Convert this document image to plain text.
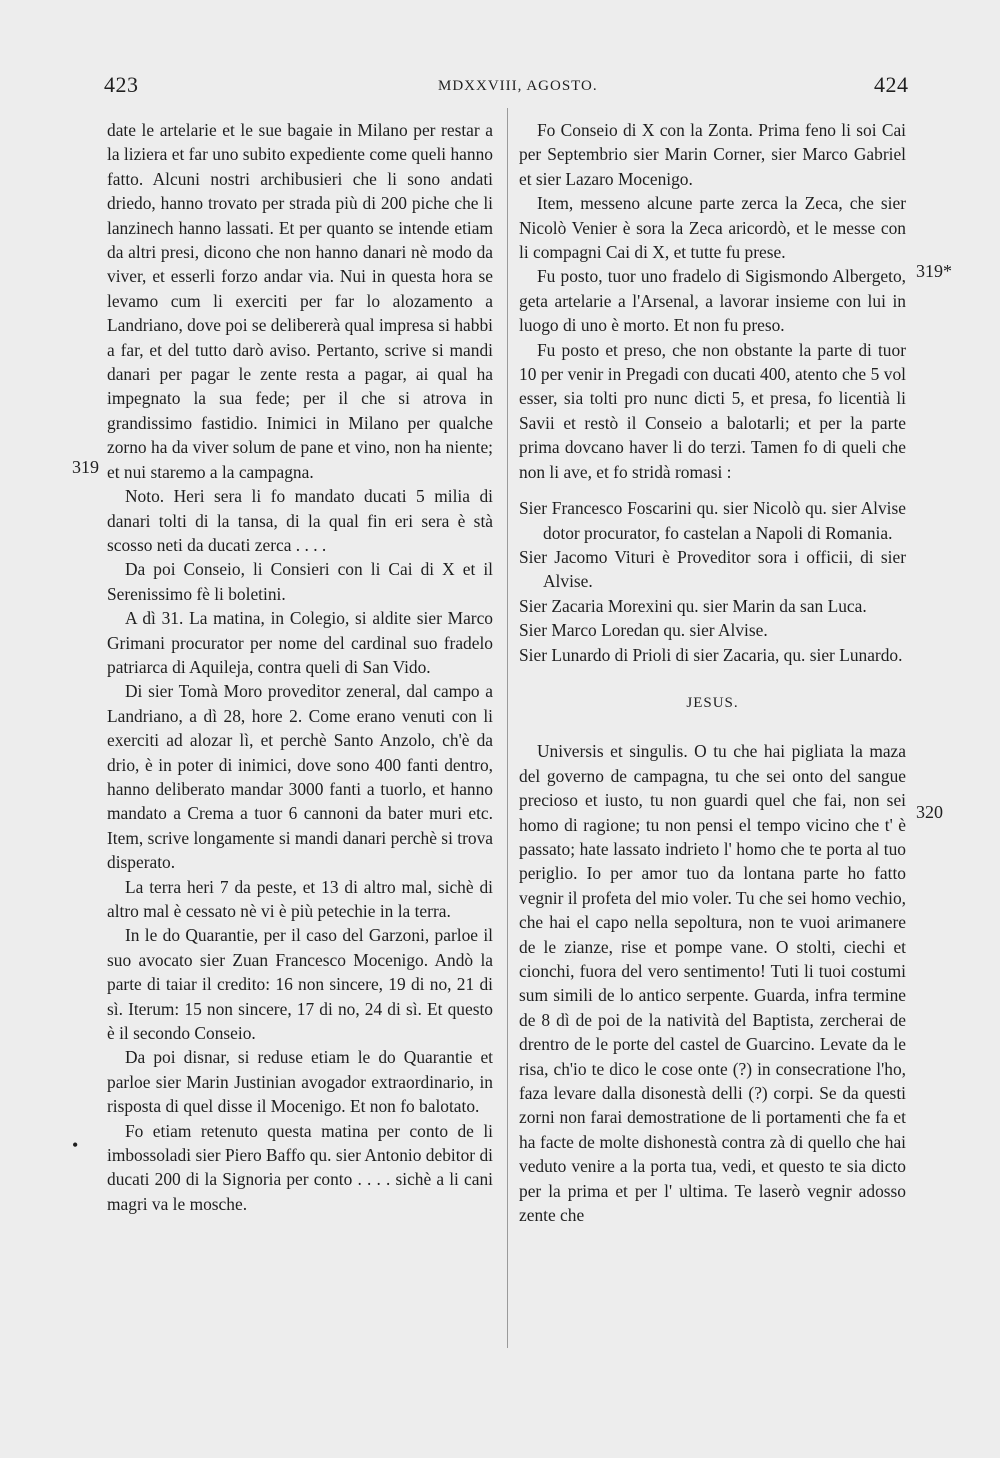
423	MDXXVIII, AGOSTO.	424
319
•
319*
320

date le artelarie et le sue bagaie in Milano per restar a la liziera et far uno subito expediente come queli hanno fatto. Alcuni nostri archibusieri che li sono andati driedo, hanno trovato per strada più di 200 piche che li lanzinech hanno lassati. Et per quanto se intende etiam da altri presi, dicono che non hanno danari nè modo da viver, et esserli forzo andar via. Nui in questa hora se levamo cum li exerciti per far lo alozamento a Landriano, dove poi se delibererà qual impresa si habbi a far, et del tutto darò aviso. Pertanto, scrive si mandi danari per pagar le zente resta a pagar, ai qual ha impegnato la sua fede; per il che si atrova in grandissimo fastidio. Inimici in Milano per qualche zorno ha da viver solum de pane et vino, non ha niente; et nui staremo a la campagna.

Noto. Heri sera li fo mandato ducati 5 milia di danari tolti di la tansa, di la qual fin eri sera è stà scosso neti da ducati zerca . . . .

Da poi Conseio, li Consieri con li Cai di X et il Serenissimo fè li boletini.

A dì 31. La matina, in Colegio, si aldite sier Marco Grimani procurator per nome del cardinal suo fradelo patriarca di Aquileja, contra queli di San Vido.

Di sier Tomà Moro proveditor zeneral, dal campo a Landriano, a dì 28, hore 2. Come erano venuti con li exerciti ad alozar lì, et perchè Santo Anzolo, ch'è da drio, è in poter di inimici, dove sono 400 fanti dentro, hanno deliberato mandar 3000 fanti a tuorlo, et hanno mandato a Crema a tuor 6 cannoni da bater muri etc. Item, scrive longamente si mandi danari perchè si trova disperato.

La terra heri 7 da peste, et 13 di altro mal, sichè di altro mal è cessato nè vi è più petechie in la terra.

In le do Quarantie, per il caso del Garzoni, parloe il suo avocato sier Zuan Francesco Mocenigo. Andò la parte di taiar il credito: 16 non sincere, 19 di no, 21 di sì. Iterum: 15 non sincere, 17 di no, 24 di sì. Et questo è il secondo Conseio.

Da poi disnar, si reduse etiam le do Quarantie et parloe sier Marin Justinian avogador extraordinario, in risposta di quel disse il Mocenigo. Et non fo balotato.

Fo etiam retenuto questa matina per conto de li imbossoladi sier Piero Baffo qu. sier Antonio debitor di ducati 200 di la Signoria per conto . . . . sichè a li cani magri va le mosche.

Fo Conseio di X con la Zonta. Prima feno li soi Cai per Septembrio sier Marin Corner, sier Marco Gabriel et sier Lazaro Mocenigo.

Item, messeno alcune parte zerca la Zeca, che sier Nicolò Venier è sora la Zeca aricordò, et le messe con li compagni Cai di X, et tutte fu prese.

Fu posto, tuor uno fradelo di Sigismondo Albergeto, geta artelarie a l'Arsenal, a lavorar insieme con lui in luogo di uno è morto. Et non fu preso.

Fu posto et preso, che non obstante la parte di tuor 10 per venir in Pregadi con ducati 400, atento che 5 vol esser, sia tolti pro nunc dicti 5, et presa, fo licentià li Savii et restò il Conseio a balotarli; et per la parte prima dovcano haver li do terzi. Tamen fo di queli che non li ave, et fo stridà romasi :

Sier Francesco Foscarini qu. sier Nicolò qu. sier Alvise dotor procurator, fo castelan a Napoli di Romania.

Sier Jacomo Vituri è Proveditor sora i officii, di sier Alvise.

Sier Zacaria Morexini qu. sier Marin da san Luca.

Sier Marco Loredan qu. sier Alvise.

Sier Lunardo di Prioli di sier Zacaria, qu. sier Lunardo.

JESUS.

Universis et singulis. O tu che hai pigliata la maza del governo de campagna, tu che sei onto del sangue precioso et iusto, tu non guardi quel che fai, non sei homo di ragione; tu non pensi el tempo vicino che t' è passato; hate lassato indrieto l' homo che te porta al tuo periglio. Io per amor tuo da lontana parte ho fatto vegnir il profeta del mio voler. Tu che sei homo vechio, che hai el capo nella sepoltura, non te vuoi arimanere de le zianze, rise et pompe vane. O stolti, ciechi et cionchi, fuora del vero sentimento! Tuti li tuoi costumi sum simili de lo antico serpente. Guarda, infra termine de 8 dì de poi de la natività del Baptista, zercherai de drentro de le porte del castel de Guarcino. Levate da le risa, ch'io te dico le cose onte (?) in consecratione l'ho, faza levare dalla disonestà delli (?) corpi. Se da questi zorni non farai demostratione de li portamenti che fa et ha facte de molte dishonestà contra zà di quello che hai veduto venire a la porta tua, vedi, et questo te sia dicto per la prima et per l' ultima. Te laserò vegnir adosso zente che
